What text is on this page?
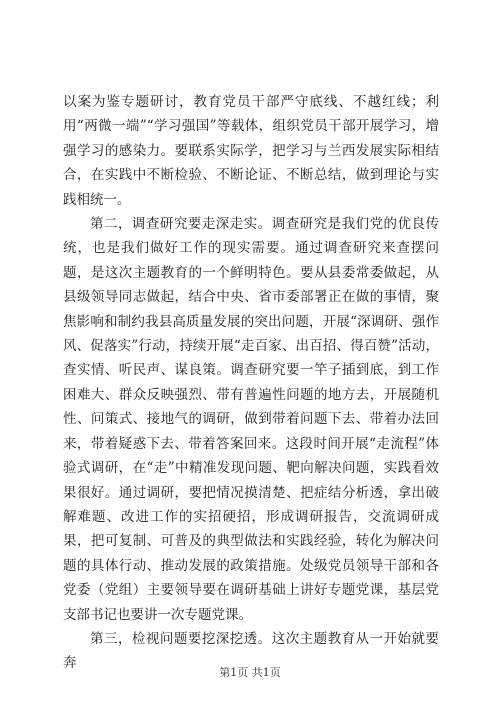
以案为鉴专题研讨，教育党员干部严守底线、不越红线；利用“两微一端”“学习强国”等载体，组织党员干部开展学习，增强学习的感染力。要联系实际学，把学习与兰西发展实际相结合，在实践中不断检验、不断论证、不断总结，做到理论与实践相统一。

第二，调查研究要走深走实。调查研究是我们党的优良传统，也是我们做好工作的现实需要。通过调查研究来查摆问题，是这次主题教育的一个鲜明特色。要从县委常委做起，从县级领导同志做起，结合中央、省市委部署正在做的事情，聚焦影响和制约我县高质量发展的突出问题，开展“深调研、强作风、促落实”行动，持续开展“走百家、出百招、得百赞”活动，查实情、听民声、谋良策。调查研究要一竿子插到底，到工作困难大、群众反映强烈、带有普遍性问题的地方去，开展随机性、问策式、接地气的调研，做到带着问题下去、带着办法回来，带着疑惑下去、带着答案回来。这段时间开展“走流程”体验式调研，在“走”中精准发现问题、靶向解决问题，实践看效果很好。通过调研，要把情况摸清楚、把症结分析透，拿出破解难题、改进工作的实招硬招，形成调研报告，交流调研成果，把可复制、可普及的典型做法和实践经验，转化为解决问题的具体行动、推动发展的政策措施。处级党员领导干部和各党委（党组）主要领导要在调研基础上讲好专题党课，基层党支部书记也要讲一次专题党课。

第三，检视问题要挖深挖透。这次主题教育从一开始就要奔

第1页 共1页
